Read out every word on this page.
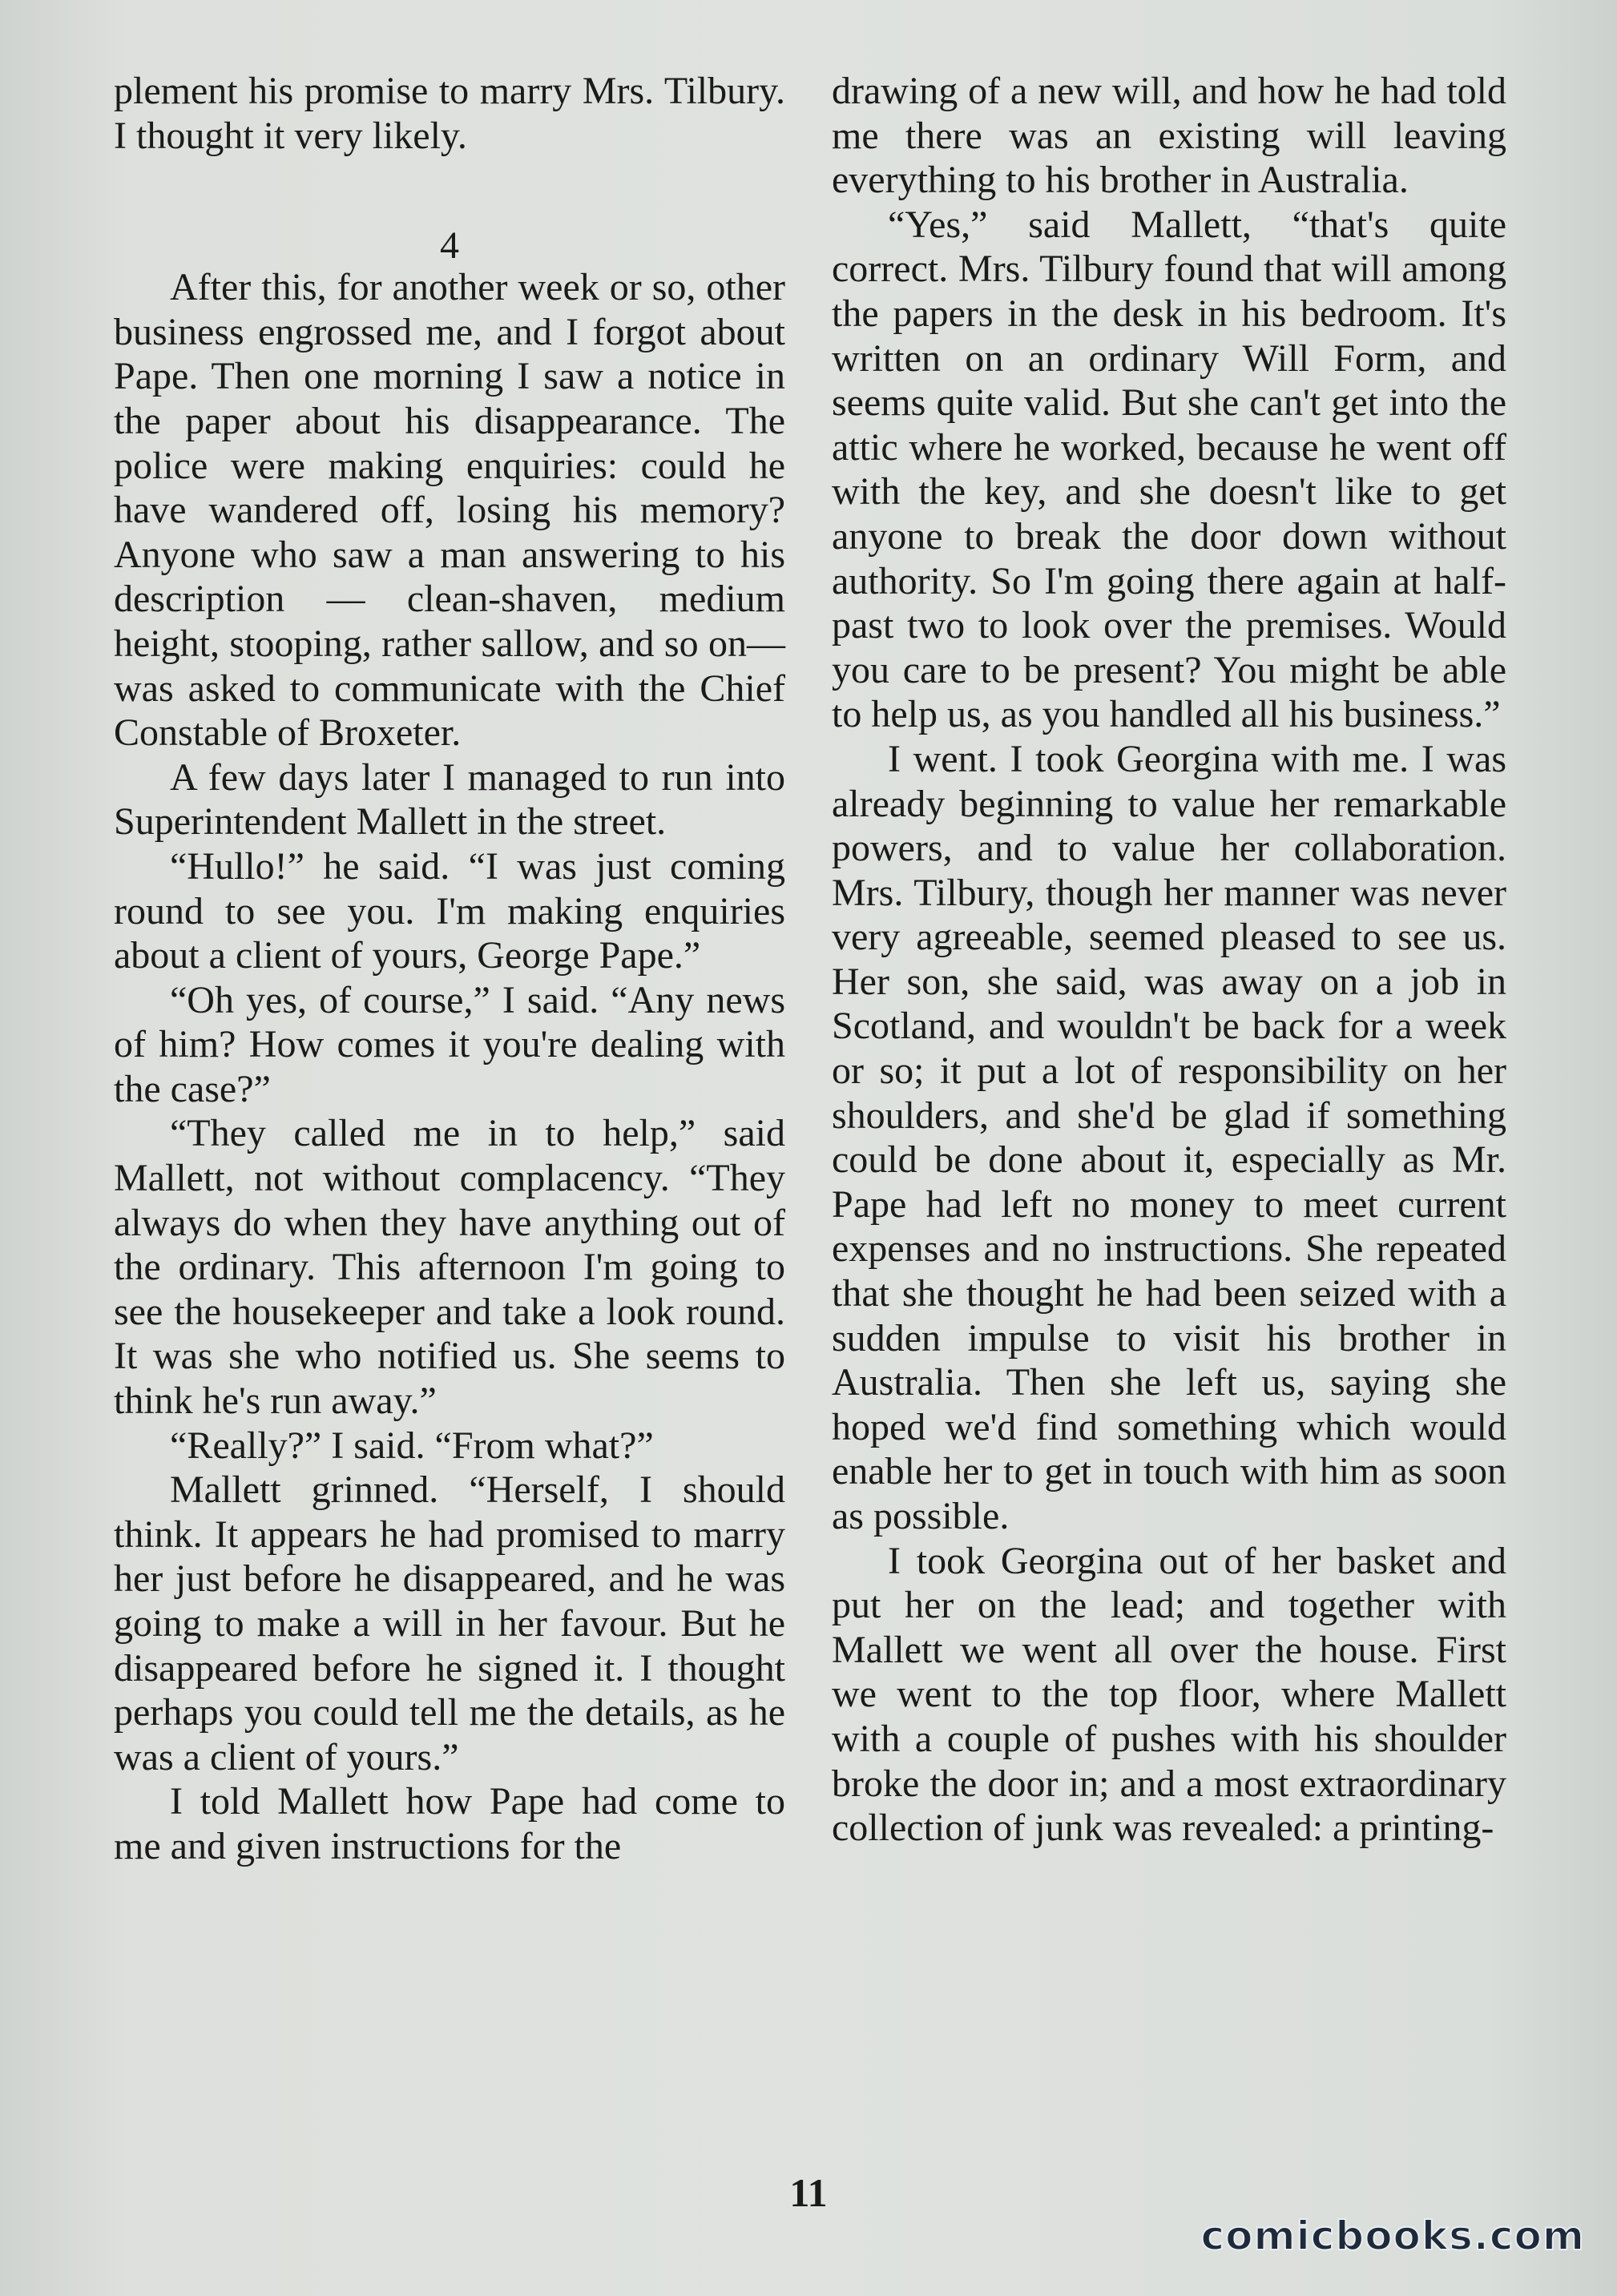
plement his promise to marry Mrs. Tilbury. I thought it very likely.

4

After this, for another week or so, other business engrossed me, and I forgot about Pape. Then one morning I saw a notice in the paper about his disappearance. The police were making enquiries: could he have wandered off, losing his memory? Anyone who saw a man answering to his description — clean-shaven, medium height, stooping, rather sallow, and so on—was asked to communicate with the Chief Constable of Broxeter.

A few days later I managed to run into Superintendent Mallett in the street.

“Hullo!” he said. “I was just coming round to see you. I'm making enquiries about a client of yours, George Pape.”

“Oh yes, of course,” I said. “Any news of him? How comes it you're dealing with the case?”

“They called me in to help,” said Mallett, not without complacency. “They always do when they have anything out of the ordinary. This afternoon I'm going to see the housekeeper and take a look round. It was she who notified us. She seems to think he's run away.”

“Really?” I said. “From what?”

Mallett grinned. “Herself, I should think. It appears he had promised to marry her just before he disappeared, and he was going to make a will in her favour. But he disappeared before he signed it. I thought perhaps you could tell me the details, as he was a client of yours.”

I told Mallett how Pape had come to me and given instructions for the

drawing of a new will, and how he had told me there was an existing will leaving everything to his brother in Australia.

“Yes,” said Mallett, “that's quite correct. Mrs. Tilbury found that will among the papers in the desk in his bedroom. It's written on an ordinary Will Form, and seems quite valid. But she can't get into the attic where he worked, because he went off with the key, and she doesn't like to get anyone to break the door down without authority. So I'm going there again at half-past two to look over the premises. Would you care to be present? You might be able to help us, as you handled all his business.”

I went. I took Georgina with me. I was already beginning to value her remarkable powers, and to value her collaboration. Mrs. Tilbury, though her manner was never very agreeable, seemed pleased to see us. Her son, she said, was away on a job in Scotland, and wouldn't be back for a week or so; it put a lot of responsibility on her shoulders, and she'd be glad if something could be done about it, especially as Mr. Pape had left no money to meet current expenses and no instructions. She repeated that she thought he had been seized with a sudden impulse to visit his brother in Australia. Then she left us, saying she hoped we'd find something which would enable her to get in touch with him as soon as possible.

I took Georgina out of her basket and put her on the lead; and together with Mallett we went all over the house. First we went to the top floor, where Mallett with a couple of pushes with his shoulder broke the door in; and a most extraordinary collection of junk was revealed: a printing-

11
comicbooks.com
